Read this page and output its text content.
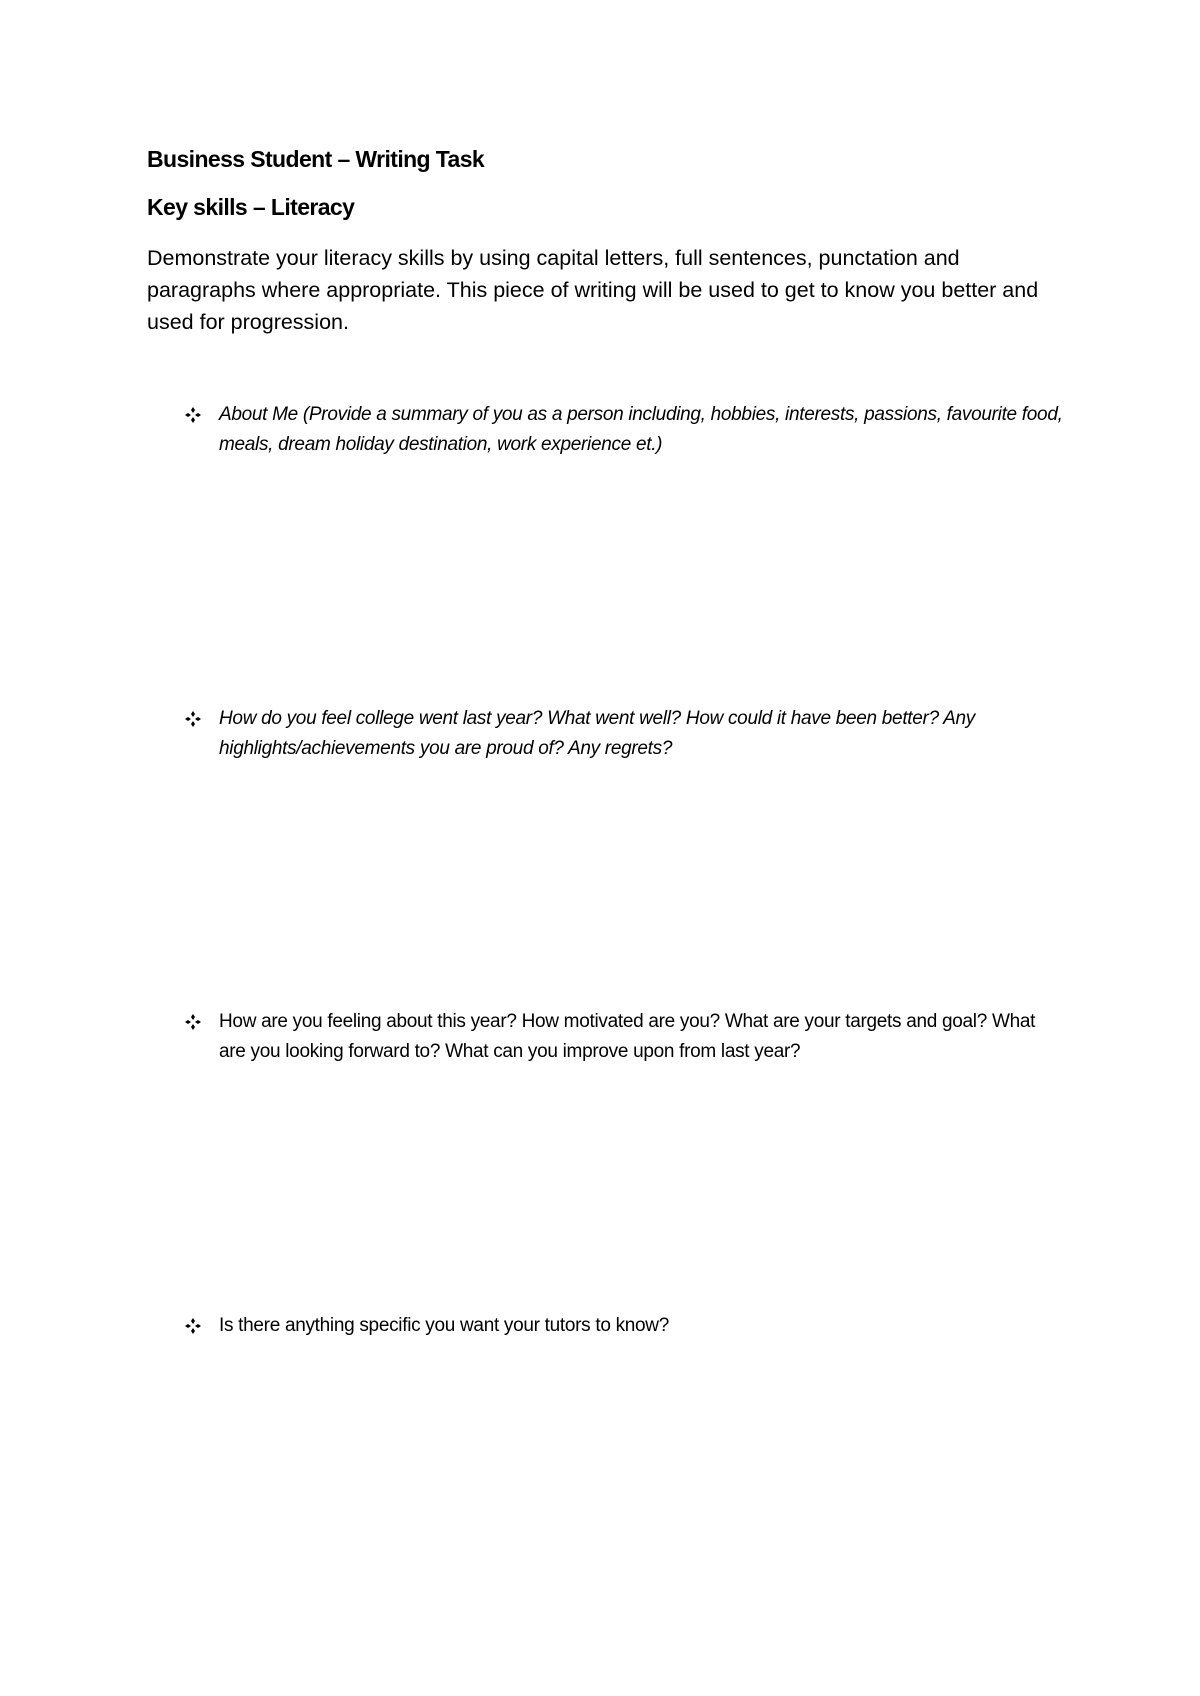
Business Student – Writing Task
Key skills – Literacy

Demonstrate your literacy skills by using capital letters, full sentences, punctation and paragraphs where appropriate. This piece of writing will be used to get to know you better and used for progression.

About Me (Provide a summary of you as a person including, hobbies, interests, passions, favourite food, meals, dream holiday destination, work experience et.)
How do you feel college went last year? What went well? How could it have been better? Any highlights/achievements you are proud of? Any regrets?
How are you feeling about this year? How motivated are you? What are your targets and goal? What are you looking forward to? What can you improve upon from last year?
Is there anything specific you want your tutors to know?
